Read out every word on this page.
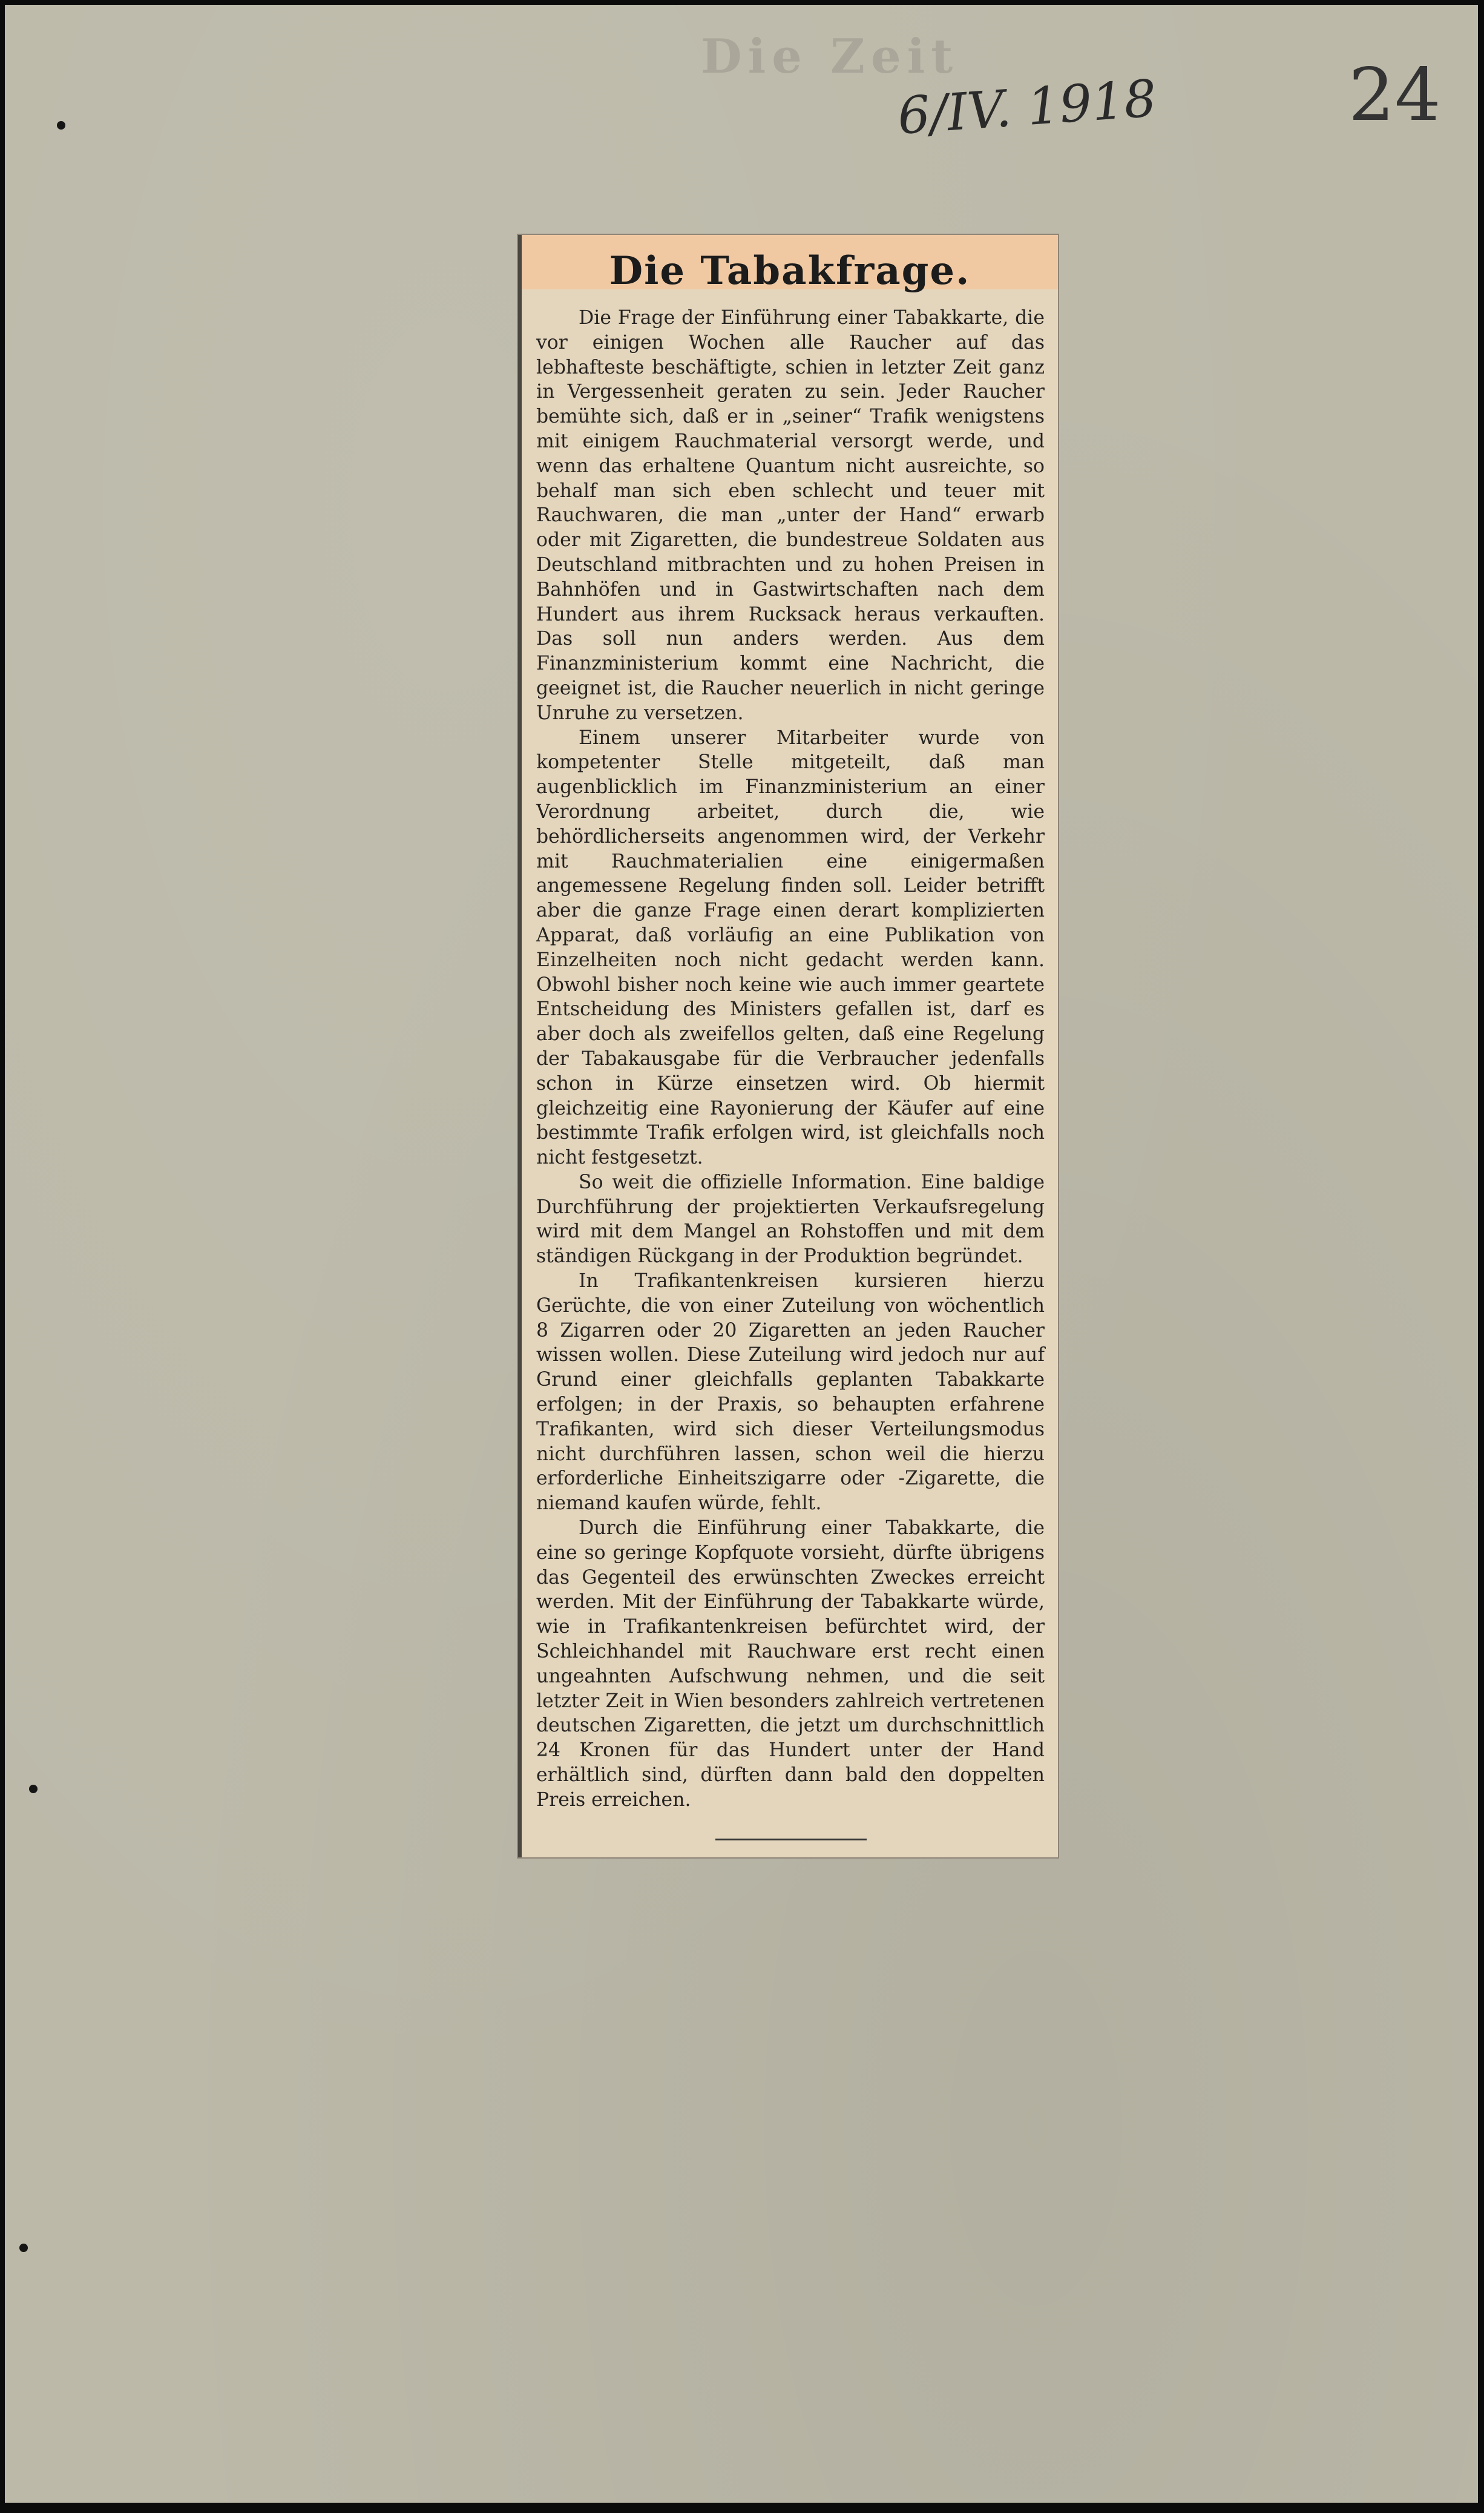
Die Zeit
6/IV. 1918	24
Die Tabakfrage.

Die Frage der Einführung einer Tabakkarte, die vor einigen Wochen alle Raucher auf das lebhafteste beschäftigte, schien in letzter Zeit ganz in Vergessenheit geraten zu sein. Jeder Raucher bemühte sich, daß er in „seiner“ Trafik wenigstens mit einigem Rauchmaterial versorgt werde, und wenn das erhaltene Quantum nicht ausreichte, so behalf man sich eben schlecht und teuer mit Rauchwaren, die man „unter der Hand“ erwarb oder mit Zigaretten, die bundestreue Soldaten aus Deutschland mitbrachten und zu hohen Preisen in Bahnhöfen und in Gastwirtschaften nach dem Hundert aus ihrem Rucksack heraus verkauften. Das soll nun anders werden. Aus dem Finanzministerium kommt eine Nachricht, die geeignet ist, die Raucher neuerlich in nicht geringe Unruhe zu versetzen.

Einem unserer Mitarbeiter wurde von kompetenter Stelle mitgeteilt, daß man augenblicklich im Finanzministerium an einer Verordnung arbeitet, durch die, wie behördlicherseits angenommen wird, der Verkehr mit Rauchmaterialien eine einigermaßen angemessene Regelung finden soll. Leider betrifft aber die ganze Frage einen derart komplizierten Apparat, daß vorläufig an eine Publikation von Einzelheiten noch nicht gedacht werden kann. Obwohl bisher noch keine wie auch immer geartete Entscheidung des Ministers gefallen ist, darf es aber doch als zweifellos gelten, daß eine Regelung der Tabakausgabe für die Verbraucher jedenfalls schon in Kürze einsetzen wird. Ob hiermit gleichzeitig eine Rayonierung der Käufer auf eine bestimmte Trafik erfolgen wird, ist gleichfalls noch nicht festgesetzt.

So weit die offizielle Information. Eine baldige Durchführung der projektierten Verkaufsregelung wird mit dem Mangel an Rohstoffen und mit dem ständigen Rückgang in der Produktion begründet.

In Trafikantenkreisen kursieren hierzu Gerüchte, die von einer Zuteilung von wöchentlich 8 Zigarren oder 20 Zigaretten an jeden Raucher wissen wollen. Diese Zuteilung wird jedoch nur auf Grund einer gleichfalls geplanten Tabakkarte erfolgen; in der Praxis, so behaupten erfahrene Trafikanten, wird sich dieser Verteilungsmodus nicht durchführen lassen, schon weil die hierzu erforderliche Einheitszigarre oder -Zigarette, die niemand kaufen würde, fehlt.

Durch die Einführung einer Tabakkarte, die eine so geringe Kopfquote vorsieht, dürfte übrigens das Gegenteil des erwünschten Zweckes erreicht werden. Mit der Einführung der Tabakkarte würde, wie in Trafikantenkreisen befürchtet wird, der Schleichhandel mit Rauchware erst recht einen ungeahnten Aufschwung nehmen, und die seit letzter Zeit in Wien besonders zahlreich vertretenen deutschen Zigaretten, die jetzt um durchschnittlich 24 Kronen für das Hundert unter der Hand erhältlich sind, dürften dann bald den doppelten Preis erreichen.
